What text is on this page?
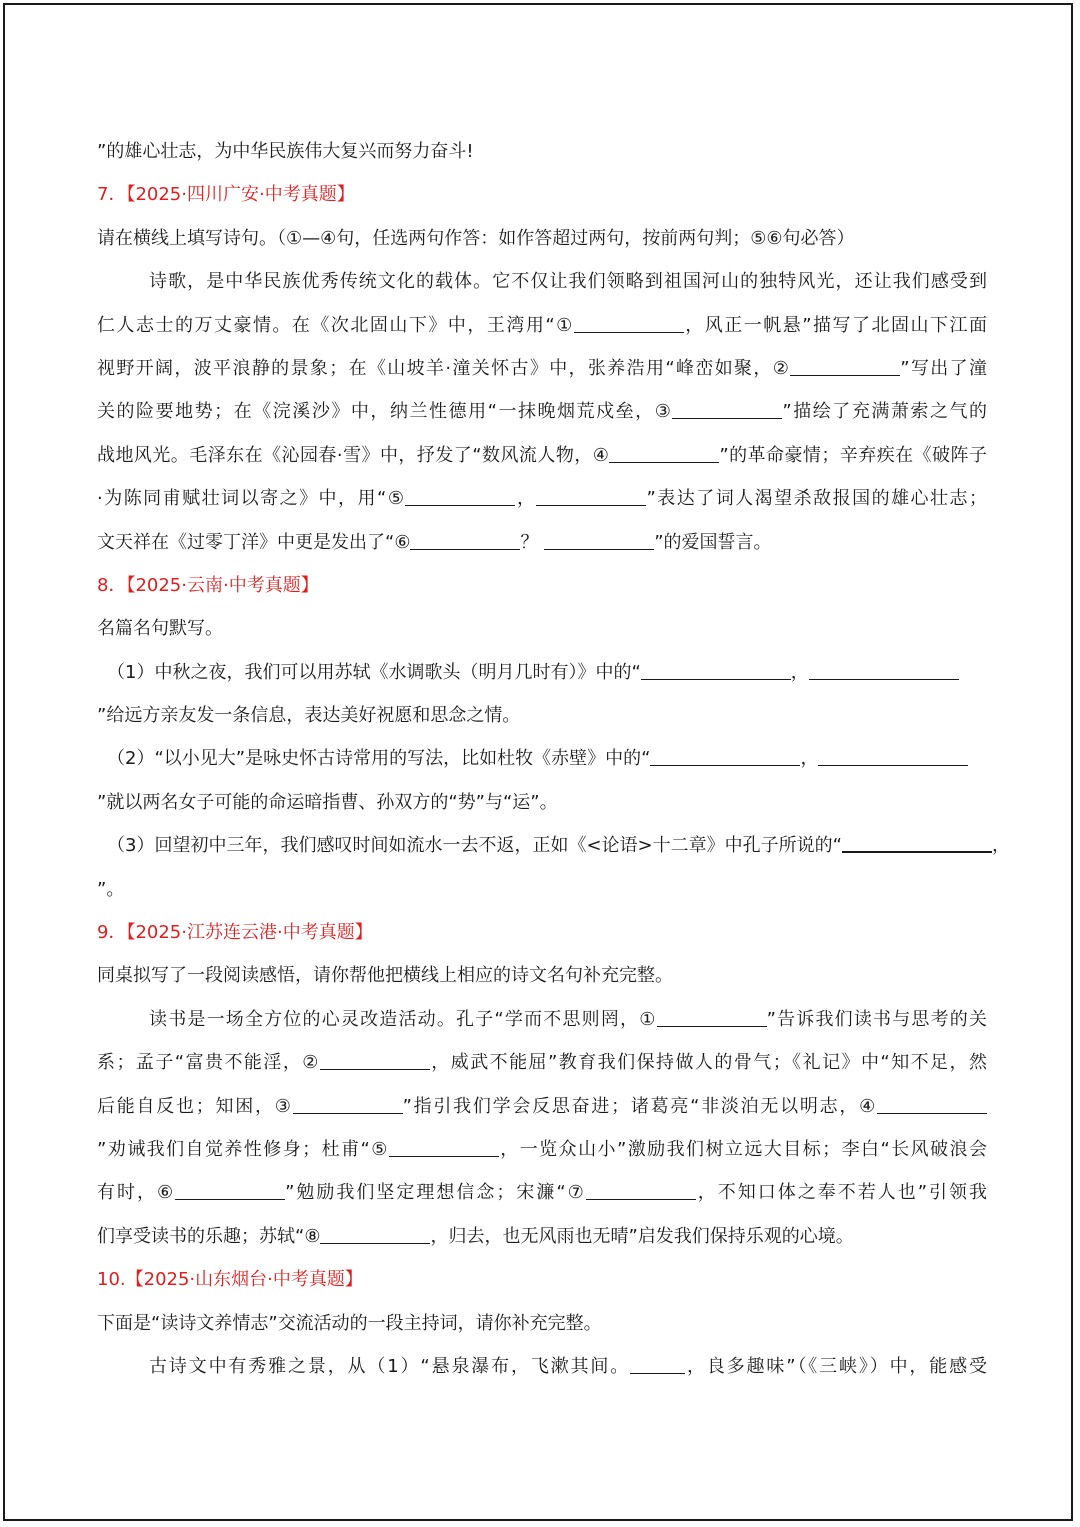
”的雄心壮志，为中华民族伟大复兴而努力奋斗!
7．【2025·四川广安·中考真题】
请在横线上填写诗句。（①—④句，任选两句作答：如作答超过两句，按前两句判；⑤⑥句必答）
诗歌，是中华民族优秀传统文化的载体。它不仅让我们领略到祖国河山的独特风光，还让我们感受到
仁人志士的万丈豪情。在《次北固山下》中，王湾用“①	，风正一帆悬”描写了北固山下江面
视野开阔，波平浪静的景象；在《山坡羊·潼关怀古》中，张养浩用“峰峦如聚，②	”写出了潼
关的险要地势；在《浣溪沙》中，纳兰性德用“一抹晚烟荒戍垒，③	”描绘了充满萧索之气的
战地风光。毛泽东在《沁园春·雪》中，抒发了“数风流人物，④	”的革命豪情；辛弃疾在《破阵子
·为陈同甫赋壮词以寄之》中，用“⑤	，	”表达了词人渴望杀敌报国的雄心壮志；
文天祥在《过零丁洋》中更是发出了“⑥	？	”的爱国誓言。
8．【2025·云南·中考真题】
名篇名句默写。
（1）中秋之夜，我们可以用苏轼《水调歌头（明月几时有）》中的“	，
”给远方亲友发一条信息，表达美好祝愿和思念之情。
（2）“以小见大”是咏史怀古诗常用的写法，比如杜牧《赤壁》中的“	，
”就以两名女子可能的命运暗指曹、孙双方的“势”与“运”。
（3）回望初中三年，我们感叹时间如流水一去不返，正如《<论语>十二章》中孔子所说的“	，
”。
9．【2025·江苏连云港·中考真题】
同桌拟写了一段阅读感悟，请你帮他把横线上相应的诗文名句补充完整。
读书是一场全方位的心灵改造活动。孔子“学而不思则罔，①	”告诉我们读书与思考的关
系；孟子“富贵不能淫，②	，威武不能屈”教育我们保持做人的骨气；《礼记》中“知不足，然
后能自反也；知困，③	”指引我们学会反思奋进；诸葛亮“非淡泊无以明志，④
”劝诫我们自觉养性修身；杜甫“⑤	，一览众山小”激励我们树立远大目标；李白“长风破浪会
有时，⑥	”勉励我们坚定理想信念；宋濂“⑦	，不知口体之奉不若人也”引领我
们享受读书的乐趣；苏轼“⑧	，归去，也无风雨也无晴”启发我们保持乐观的心境。
10.【2025·山东烟台·中考真题】
下面是“读诗文养情志”交流活动的一段主持词，请你补充完整。
古诗文中有秀雅之景，从（1）“悬泉瀑布，飞漱其间。	，良多趣味”（《三峡》）中，能感受
